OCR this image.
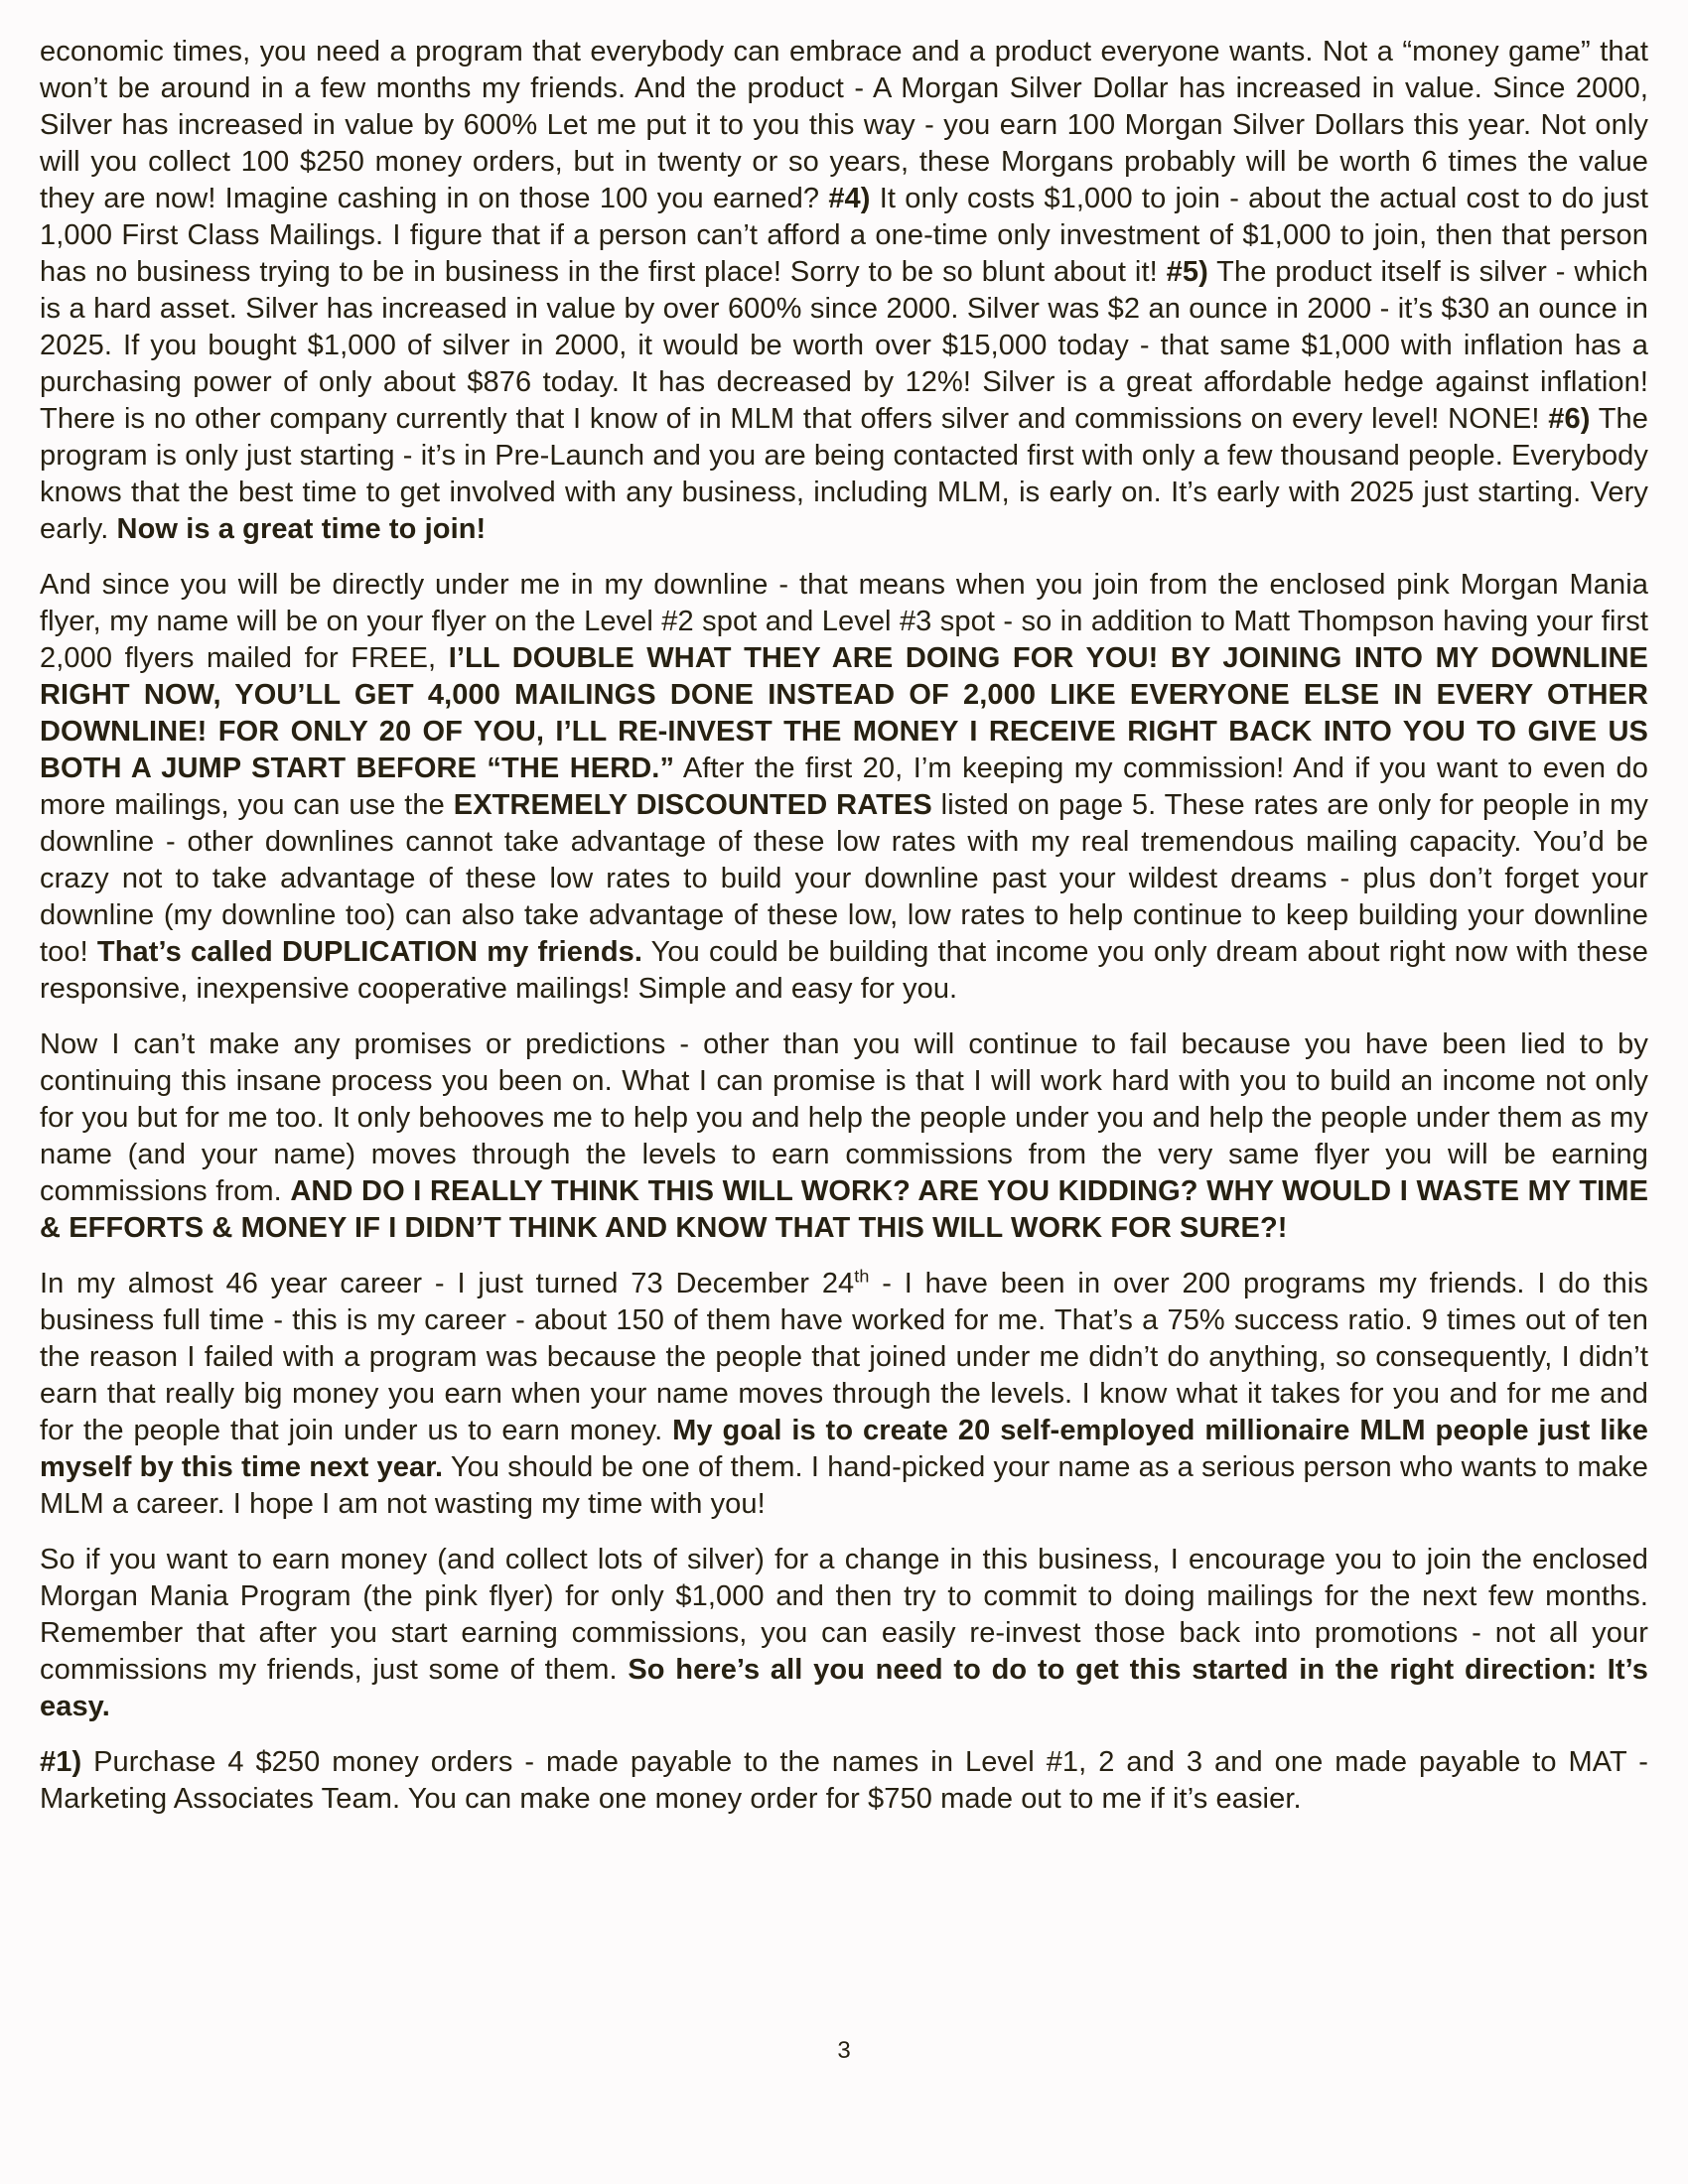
economic times, you need a program that everybody can embrace and a product everyone wants. Not a “money game” that won’t be around in a few months my friends. And the product - A Morgan Silver Dollar has increased in value. Since 2000, Silver has increased in value by 600% Let me put it to you this way - you earn 100 Morgan Silver Dollars this year. Not only will you collect 100 $250 money orders, but in twenty or so years, these Morgans probably will be worth 6 times the value they are now! Imagine cashing in on those 100 you earned? #4) It only costs $1,000 to join - about the actual cost to do just 1,000 First Class Mailings. I figure that if a person can’t afford a one-time only investment of $1,000 to join, then that person has no business trying to be in business in the first place! Sorry to be so blunt about it! #5) The product itself is silver - which is a hard asset. Silver has increased in value by over 600% since 2000. Silver was $2 an ounce in 2000 - it’s $30 an ounce in 2025. If you bought $1,000 of silver in 2000, it would be worth over $15,000 today - that same $1,000 with inflation has a purchasing power of only about $876 today. It has decreased by 12%! Silver is a great affordable hedge against inflation! There is no other company currently that I know of in MLM that offers silver and commissions on every level! NONE! #6) The program is only just starting - it’s in Pre-Launch and you are being contacted first with only a few thousand people. Everybody knows that the best time to get involved with any business, including MLM, is early on. It’s early with 2025 just starting. Very early. Now is a great time to join!

And since you will be directly under me in my downline - that means when you join from the enclosed pink Morgan Mania flyer, my name will be on your flyer on the Level #2 spot and Level #3 spot - so in addition to Matt Thompson having your first 2,000 flyers mailed for FREE, I’LL DOUBLE WHAT THEY ARE DOING FOR YOU! BY JOINING INTO MY DOWNLINE RIGHT NOW, YOU’LL GET 4,000 MAILINGS DONE INSTEAD OF 2,000 LIKE EVERYONE ELSE IN EVERY OTHER DOWNLINE! FOR ONLY 20 OF YOU, I’LL RE-INVEST THE MONEY I RECEIVE RIGHT BACK INTO YOU TO GIVE US BOTH A JUMP START BEFORE “THE HERD.” After the first 20, I’m keeping my commission! And if you want to even do more mailings, you can use the EXTREMELY DISCOUNTED RATES listed on page 5. These rates are only for people in my downline - other downlines cannot take advantage of these low rates with my real tremendous mailing capacity. You’d be crazy not to take advantage of these low rates to build your downline past your wildest dreams - plus don’t forget your downline (my downline too) can also take advantage of these low, low rates to help continue to keep building your downline too! That’s called DUPLICATION my friends. You could be building that income you only dream about right now with these responsive, inexpensive cooperative mailings! Simple and easy for you.

Now I can’t make any promises or predictions - other than you will continue to fail because you have been lied to by continuing this insane process you been on. What I can promise is that I will work hard with you to build an income not only for you but for me too. It only behooves me to help you and help the people under you and help the people under them as my name (and your name) moves through the levels to earn commissions from the very same flyer you will be earning commissions from. AND DO I REALLY THINK THIS WILL WORK? ARE YOU KIDDING? WHY WOULD I WASTE MY TIME & EFFORTS & MONEY IF I DIDN’T THINK AND KNOW THAT THIS WILL WORK FOR SURE?!

In my almost 46 year career - I just turned 73 December 24th - I have been in over 200 programs my friends. I do this business full time - this is my career - about 150 of them have worked for me. That’s a 75% success ratio. 9 times out of ten the reason I failed with a program was because the people that joined under me didn’t do anything, so consequently, I didn’t earn that really big money you earn when your name moves through the levels. I know what it takes for you and for me and for the people that join under us to earn money. My goal is to create 20 self-employed millionaire MLM people just like myself by this time next year. You should be one of them. I hand-picked your name as a serious person who wants to make MLM a career. I hope I am not wasting my time with you!

So if you want to earn money (and collect lots of silver) for a change in this business, I encourage you to join the enclosed Morgan Mania Program (the pink flyer) for only $1,000 and then try to commit to doing mailings for the next few months. Remember that after you start earning commissions, you can easily re-invest those back into promotions - not all your commissions my friends, just some of them. So here’s all you need to do to get this started in the right direction: It’s easy.

#1) Purchase 4 $250 money orders - made payable to the names in Level #1, 2 and 3 and one made payable to MAT - Marketing Associates Team. You can make one money order for $750 made out to me if it’s easier.

3
